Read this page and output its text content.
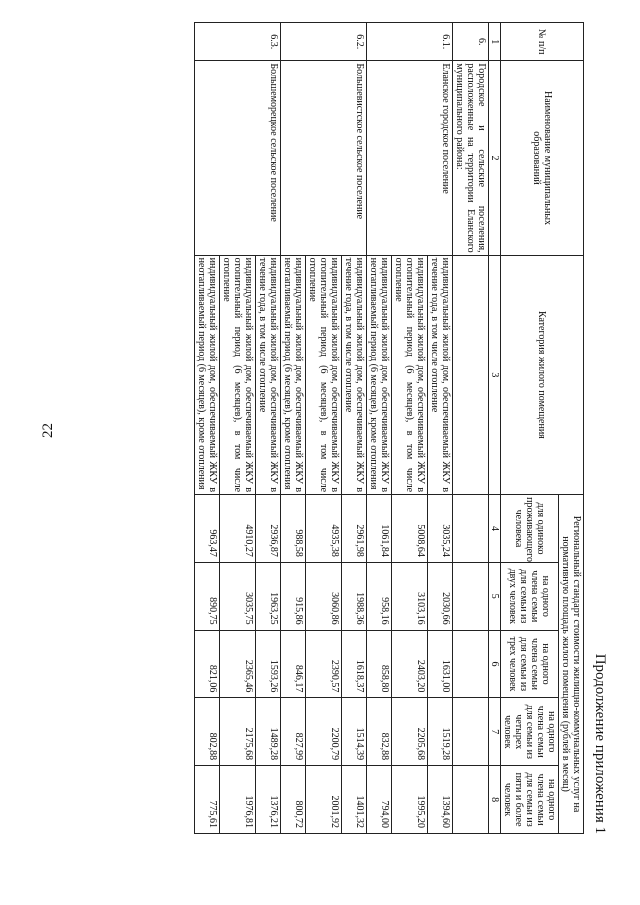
22
Продолжение приложения 1
№ п/п	Наименование муниципальных образований	Категория жилого помещения	Региональный стандарт стоимости жилищно-коммунальных услуг на нормативную площадь жилого помещения (рублей в месяц)				
			для одиноко проживающего человека	на одного члена семьи для семьи из двух человек	на одного члена семьи для семьи из трех человек	на одного члена семьи для семьи из четырех человек	на одного члена семьи для семьи из пяти и более человек
1	2	3	4	5	6	7	8
6.	Городское и сельские поселения, расположенные на территории Еланского муниципального района:						
6.1.	Еланское городское поселение	индивидуальный жилой дом, обеспечиваемый ЖКУ в течение года, в том числе отопление	3035,24	2030,66	1631,00	1519,28	1394,60
		индивидуальный жилой дом, обеспечиваемый ЖКУ в отопительный период (6 месяцев), в том числе отопление	5008,64	3103,16	2403,20	2205,68	1995,20
		индивидуальный жилой дом, обеспечиваемый ЖКУ в неотапливаемый период (6 месяцев), кроме отопления	1061,84	958,16	858,80	832,88	794,00
6.2.	Большевистское сельское поселение	индивидуальный жилой дом, обеспечиваемый ЖКУ в течение года, в том числе отопление	2961,98	1988,36	1618,37	1514,39	1401,32
		индивидуальный жилой дом, обеспечиваемый ЖКУ в отопительный период (6 месяцев), в том числе отопление	4935,38	3060,86	2390,57	2200,79	2001,92
		индивидуальный жилой дом, обеспечиваемый ЖКУ в неотапливаемый период (6 месяцев), кроме отопления	988,58	915,86	846,17	827,99	800,72
6.3.	Большеморецкое сельское поселение	индивидуальный жилой дом, обеспечиваемый ЖКУ в течение года, в том числе отопление	2936,87	1963,25	1593,26	1489,28	1376,21
		индивидуальный жилой дом, обеспечиваемый ЖКУ в отопительный период (6 месяцев), в том числе отопление	4910,27	3035,75	2365,46	2175,68	1976,81
		индивидуальный жилой дом, обеспечиваемый ЖКУ в неотапливаемый период (6 месяцев), кроме отопления	963,47	890,75	821,06	802,88	775,61
